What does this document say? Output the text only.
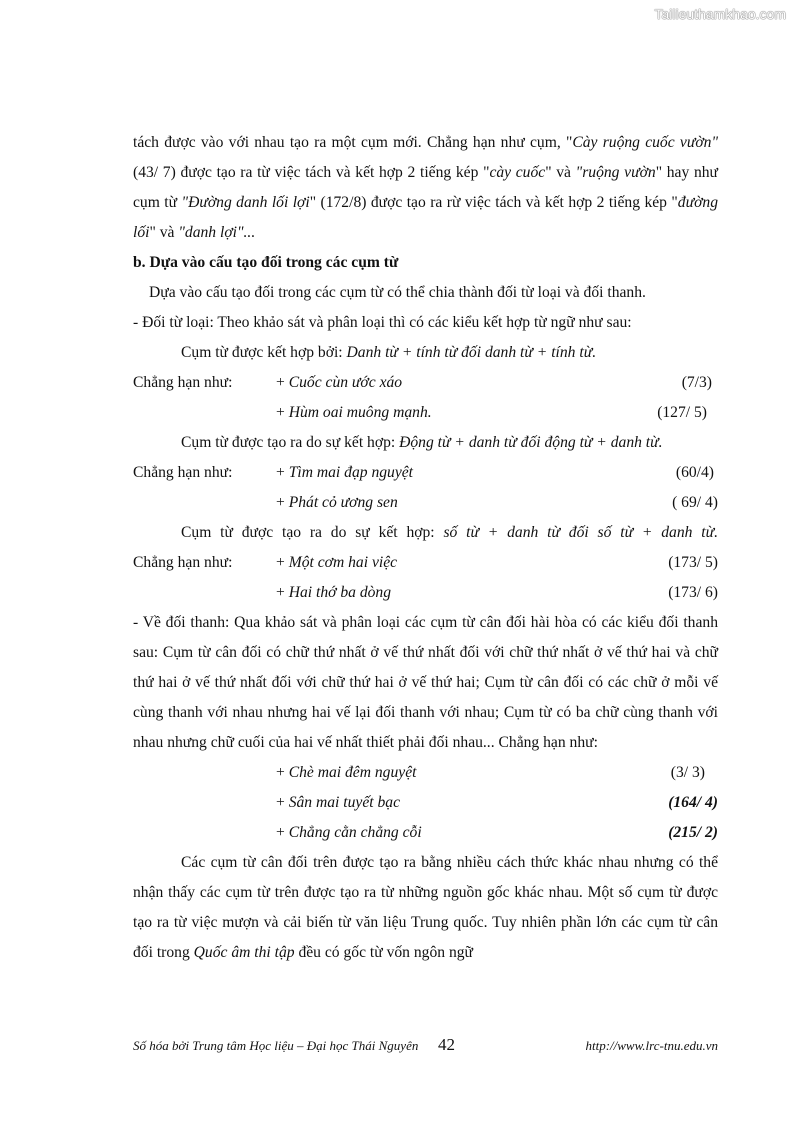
Tailieuthamkhao.com

tách được vào với nhau tạo ra một cụm mới. Chẳng hạn như cụm, "Cày ruộng cuốc vườn" (43/ 7) được tạo ra từ việc tách và kết hợp 2 tiếng kép "cày cuốc" và "ruộng vườn" hay như cụm từ "Đường danh lối lợi" (172/8) được tạo ra rừ việc tách và kết hợp 2 tiếng kép "đường lối" và "danh lợi"...

b. Dựa vào cấu tạo đối trong các cụm từ

Dựa vào cấu tạo đối trong các cụm từ có thể chia thành đối từ loại và đối thanh.

- Đối từ loại: Theo khảo sát và phân loại thì có các kiểu kết hợp từ ngữ như sau:

Cụm từ được kết hợp bởi: Danh từ + tính từ đối danh từ + tính từ.

Chẳng hạn như:	+ Cuốc cùn ước xáo	(7/3)
+ Hùm oai muông mạnh.	(127/ 5)

Cụm từ được tạo ra do sự kết hợp: Động từ + danh từ đối động từ + danh từ.

Chẳng hạn như:	+ Tìm mai đạp nguyệt	(60/4)
+ Phát cỏ ương sen	( 69/ 4)

Cụm từ được tạo ra do sự kết hợp: số từ + danh từ đối số từ + danh từ.

Chẳng hạn như:	+ Một cơm hai việc	(173/ 5)
+ Hai thớ ba dòng	(173/ 6)

- Về đối thanh: Qua khảo sát và phân loại các cụm từ cân đối hài hòa có các kiểu đối thanh sau: Cụm từ cân đối có chữ thứ nhất ở vế thứ nhất đối với chữ thứ nhất ở vế thứ hai và chữ thứ hai ở vế thứ nhất đối với chữ thứ hai ở vế thứ hai; Cụm từ cân đối có các chữ ở mỗi vế cùng thanh với nhau nhưng hai vế lại đối thanh với nhau; Cụm từ có ba chữ cùng thanh với nhau nhưng chữ cuối của hai vế nhất thiết phải đối nhau... Chẳng hạn như:

+ Chè mai đêm nguyệt	(3/ 3)
+ Sân mai tuyết bạc	(164/ 4)
+ Chẳng cằn chẳng cỗi	(215/ 2)

Các cụm từ cân đối trên được tạo ra bằng nhiều cách thức khác nhau nhưng có thể nhận thấy các cụm từ trên được tạo ra từ những nguồn gốc khác nhau. Một số cụm từ được tạo ra từ việc mượn và cải biến từ văn liệu Trung quốc. Tuy nhiên phần lớn các cụm từ cân đối trong Quốc âm thi tập đều có gốc từ vốn ngôn ngữ

Số hóa bởi Trung tâm Học liệu – Đại học Thái Nguyên 42	http://www.lrc-tnu.edu.vn
